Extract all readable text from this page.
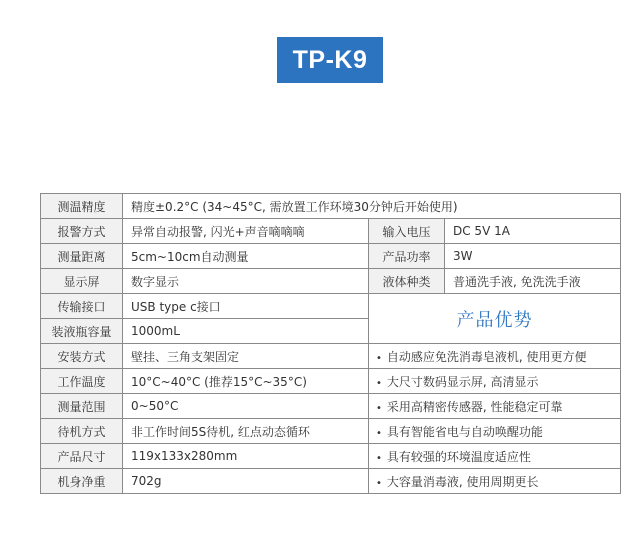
TP-K9
测温精度	精度±0.2°C (34~45°C, 需放置工作环境30分钟后开始使用)		
报警方式	异常自动报警, 闪光+声音嘀嘀嘀	输入电压	DC 5V 1A
测量距离	5cm~10cm自动测量	产品功率	3W
显示屏	数字显示	液体种类	普通洗手液, 免洗洗手液
传输接口	USB type c接口	产品优势	
装液瓶容量	1000mL		
安装方式	壁挂、三角支架固定	• 自动感应免洗消毒皂液机, 使用更方便	
工作温度	10°C~40°C (推荐15°C~35°C)	• 大尺寸数码显示屏, 高清显示	
测量范围	0~50°C	• 采用高精密传感器, 性能稳定可靠	
待机方式	非工作时间5S待机, 红点动态循环	• 具有智能省电与自动唤醒功能	
产品尺寸	119x133x280mm	• 具有较强的环境温度适应性	
机身净重	702g	• 大容量消毒液, 使用周期更长	
